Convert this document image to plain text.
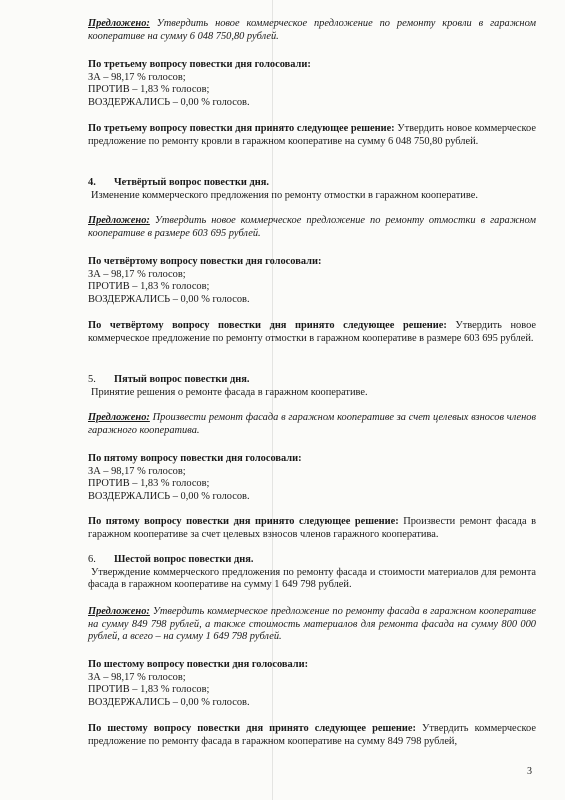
Предложено: Утвердить новое коммерческое предложение по ремонту кровли в гаражном кооперативе на сумму 6 048 750,80 рублей.
По третьему вопросу повестки дня голосовали:
ЗА – 98,17 % голосов;
ПРОТИВ – 1,83 % голосов;
ВОЗДЕРЖАЛИСЬ – 0,00 % голосов.
По третьему вопросу повестки дня принято следующее решение: Утвердить новое коммерческое предложение по ремонту кровли в гаражном кооперативе на сумму 6 048 750,80 рублей.
4. Четвёртый вопрос повестки дня.
Изменение коммерческого предложения по ремонту отмостки в гаражном кооперативе.
Предложено: Утвердить новое коммерческое предложение по ремонту отмостки в гаражном кооперативе в размере 603 695 рублей.
По четвёртому вопросу повестки дня голосовали:
ЗА – 98,17 % голосов;
ПРОТИВ – 1,83 % голосов;
ВОЗДЕРЖАЛИСЬ – 0,00 % голосов.
По четвёртому вопросу повестки дня принято следующее решение: Утвердить новое коммерческое предложение по ремонту отмостки в гаражном кооперативе в размере 603 695 рублей.
5. Пятый вопрос повестки дня.
Принятие решения о ремонте фасада в гаражном кооперативе.
Предложено: Произвести ремонт фасада в гаражном кооперативе за счет целевых взносов членов гаражного кооператива.
По пятому вопросу повестки дня голосовали:
ЗА – 98,17 % голосов;
ПРОТИВ – 1,83 % голосов;
ВОЗДЕРЖАЛИСЬ – 0,00 % голосов.
По пятому вопросу повестки дня принято следующее решение: Произвести ремонт фасада в гаражном кооперативе за счет целевых взносов членов гаражного кооператива.
6. Шестой вопрос повестки дня.
Утверждение коммерческого предложения по ремонту фасада и стоимости материалов для ремонта фасада в гаражном кооперативе на сумму 1 649 798 рублей.
Предложено: Утвердить коммерческое предложение по ремонту фасада в гаражном кооперативе на сумму 849 798 рублей, а также стоимость материалов для ремонта фасада на сумму 800 000 рублей, а всего – на сумму 1 649 798 рублей.
По шестому вопросу повестки дня голосовали:
ЗА – 98,17 % голосов;
ПРОТИВ – 1,83 % голосов;
ВОЗДЕРЖАЛИСЬ – 0,00 % голосов.
По шестому вопросу повестки дня принято следующее решение: Утвердить коммерческое предложение по ремонту фасада в гаражном кооперативе на сумму 849 798 рублей,
3
